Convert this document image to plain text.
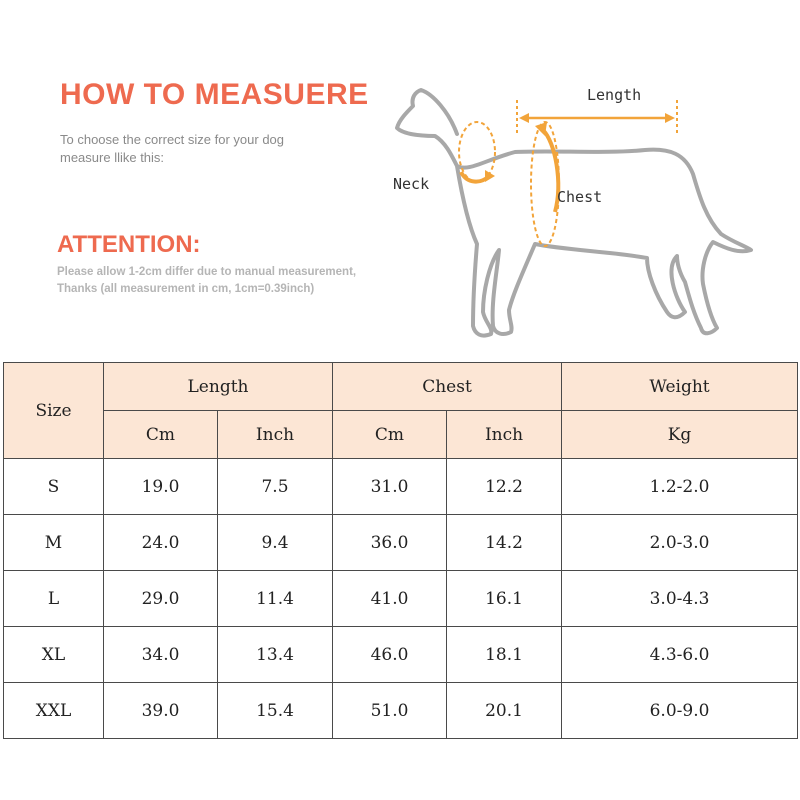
HOW TO MEASUERE
To choose the correct size for your dog
measure llike this:
ATTENTION:
Please allow 1-2cm differ due to manual measurement,
Thanks (all measurement in cm, 1cm=0.39inch)
Length
Neck
Chest
Size	Length		Chest		Weight
	Cm	Inch	Cm	Inch	Kg
S	19.0	7.5	31.0	12.2	1.2-2.0
M	24.0	9.4	36.0	14.2	2.0-3.0
L	29.0	11.4	41.0	16.1	3.0-4.3
XL	34.0	13.4	46.0	18.1	4.3-6.0
XXL	39.0	15.4	51.0	20.1	6.0-9.0
